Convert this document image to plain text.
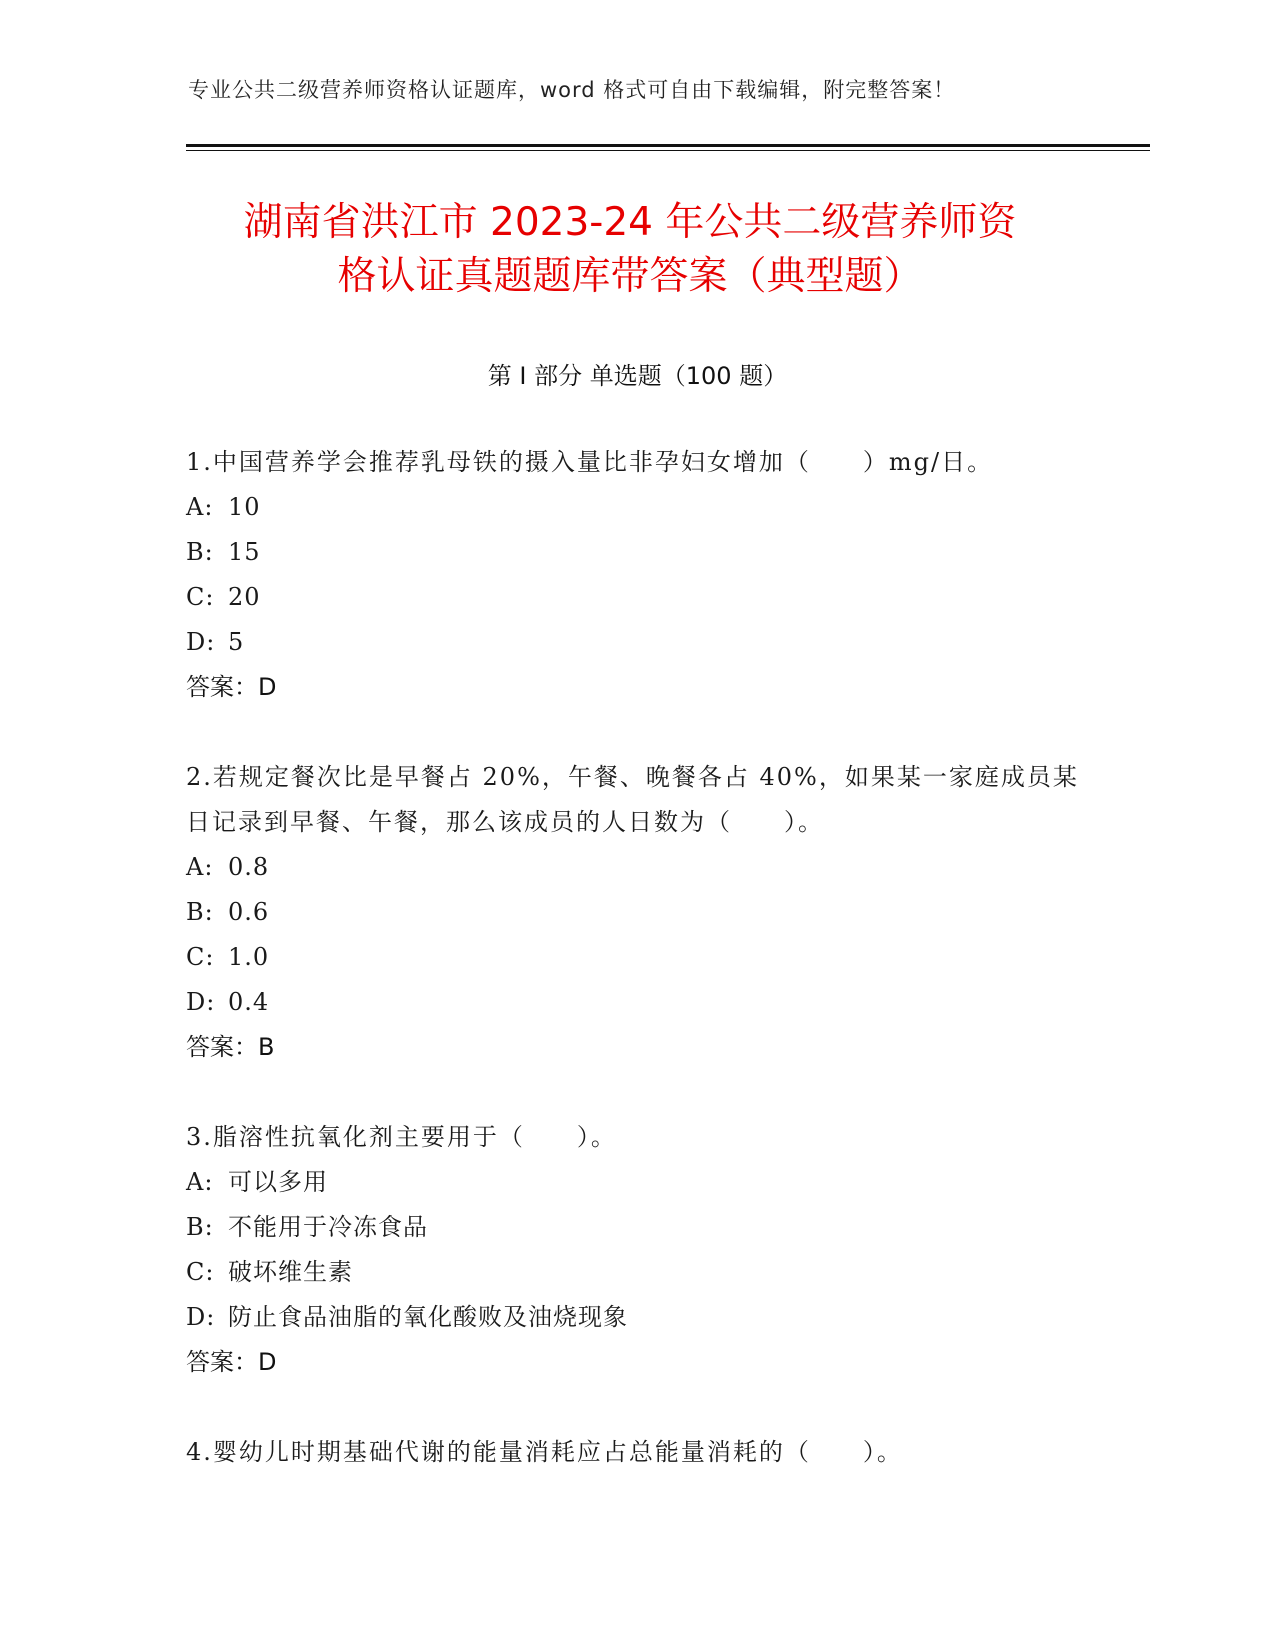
专业公共二级营养师资格认证题库，word 格式可自由下载编辑，附完整答案！
湖南省洪江市 2023-24 年公共二级营养师资
格认证真题题库带答案（典型题）
第 I 部分 单选题（100 题）

1.中国营养学会推荐乳母铁的摄入量比非孕妇女增加（　　）mg/日。

A: 10

B: 15

C: 20

D: 5

答案：D

2.若规定餐次比是早餐占 20%，午餐、晚餐各占 40%，如果某一家庭成员某日记录到早餐、午餐，那么该成员的人日数为（　　）。

A: 0.8

B: 0.6

C: 1.0

D: 0.4

答案：B

3.脂溶性抗氧化剂主要用于（　　）。

A: 可以多用

B: 不能用于冷冻食品

C: 破坏维生素

D: 防止食品油脂的氧化酸败及油烧现象

答案：D

4.婴幼儿时期基础代谢的能量消耗应占总能量消耗的（　　）。
